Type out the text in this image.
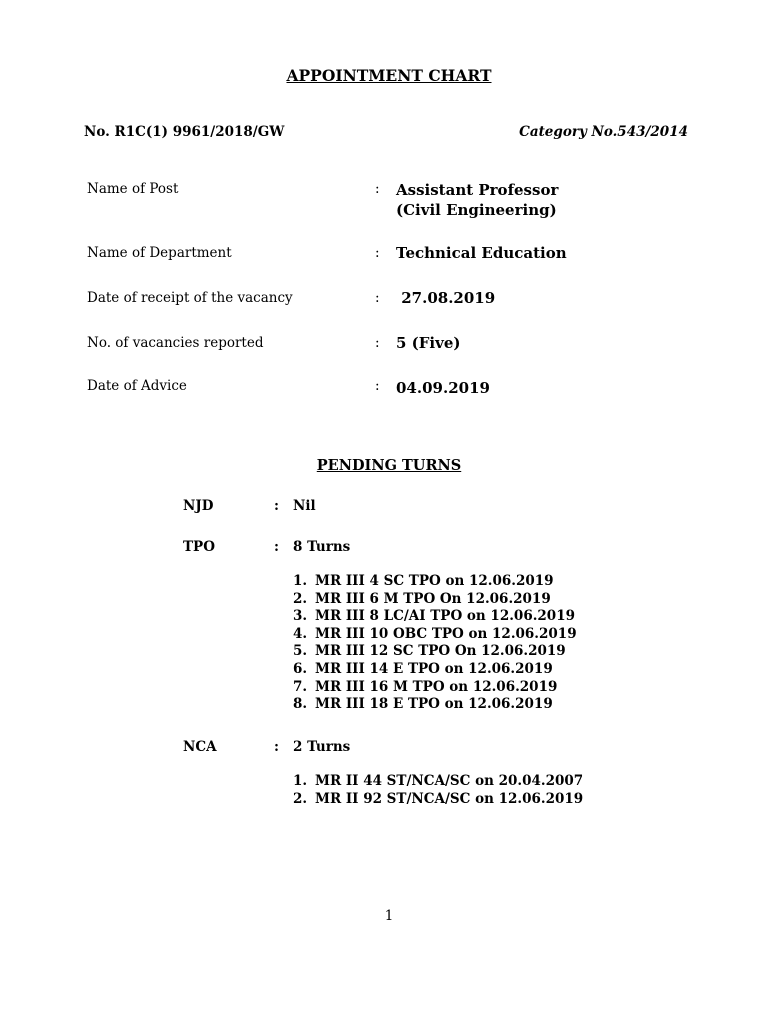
APPOINTMENT CHART
No. R1C(1) 9961/2018/GW	Category No.543/2014
Name of Post	: Assistant Professor
(Civil Engineering)
Name of Department	: Technical Education
Date of receipt of the vacancy	: 27.08.2019
No. of vacancies reported	: 5 (Five)
Date of Advice	: 04.09.2019
PENDING TURNS
NJD	: Nil
TPO	: 8 Turns
1. MR III 4 SC TPO on 12.06.2019
2. MR III 6 M TPO On 12.06.2019
3. MR III 8 LC/AI TPO on 12.06.2019
4. MR III 10 OBC TPO on 12.06.2019
5. MR III 12 SC TPO On 12.06.2019
6. MR III 14 E TPO on 12.06.2019
7. MR III 16 M TPO on 12.06.2019
8. MR III 18 E TPO on 12.06.2019
NCA	: 2 Turns
1. MR II 44 ST/NCA/SC on 20.04.2007
2. MR II 92 ST/NCA/SC on 12.06.2019
1
